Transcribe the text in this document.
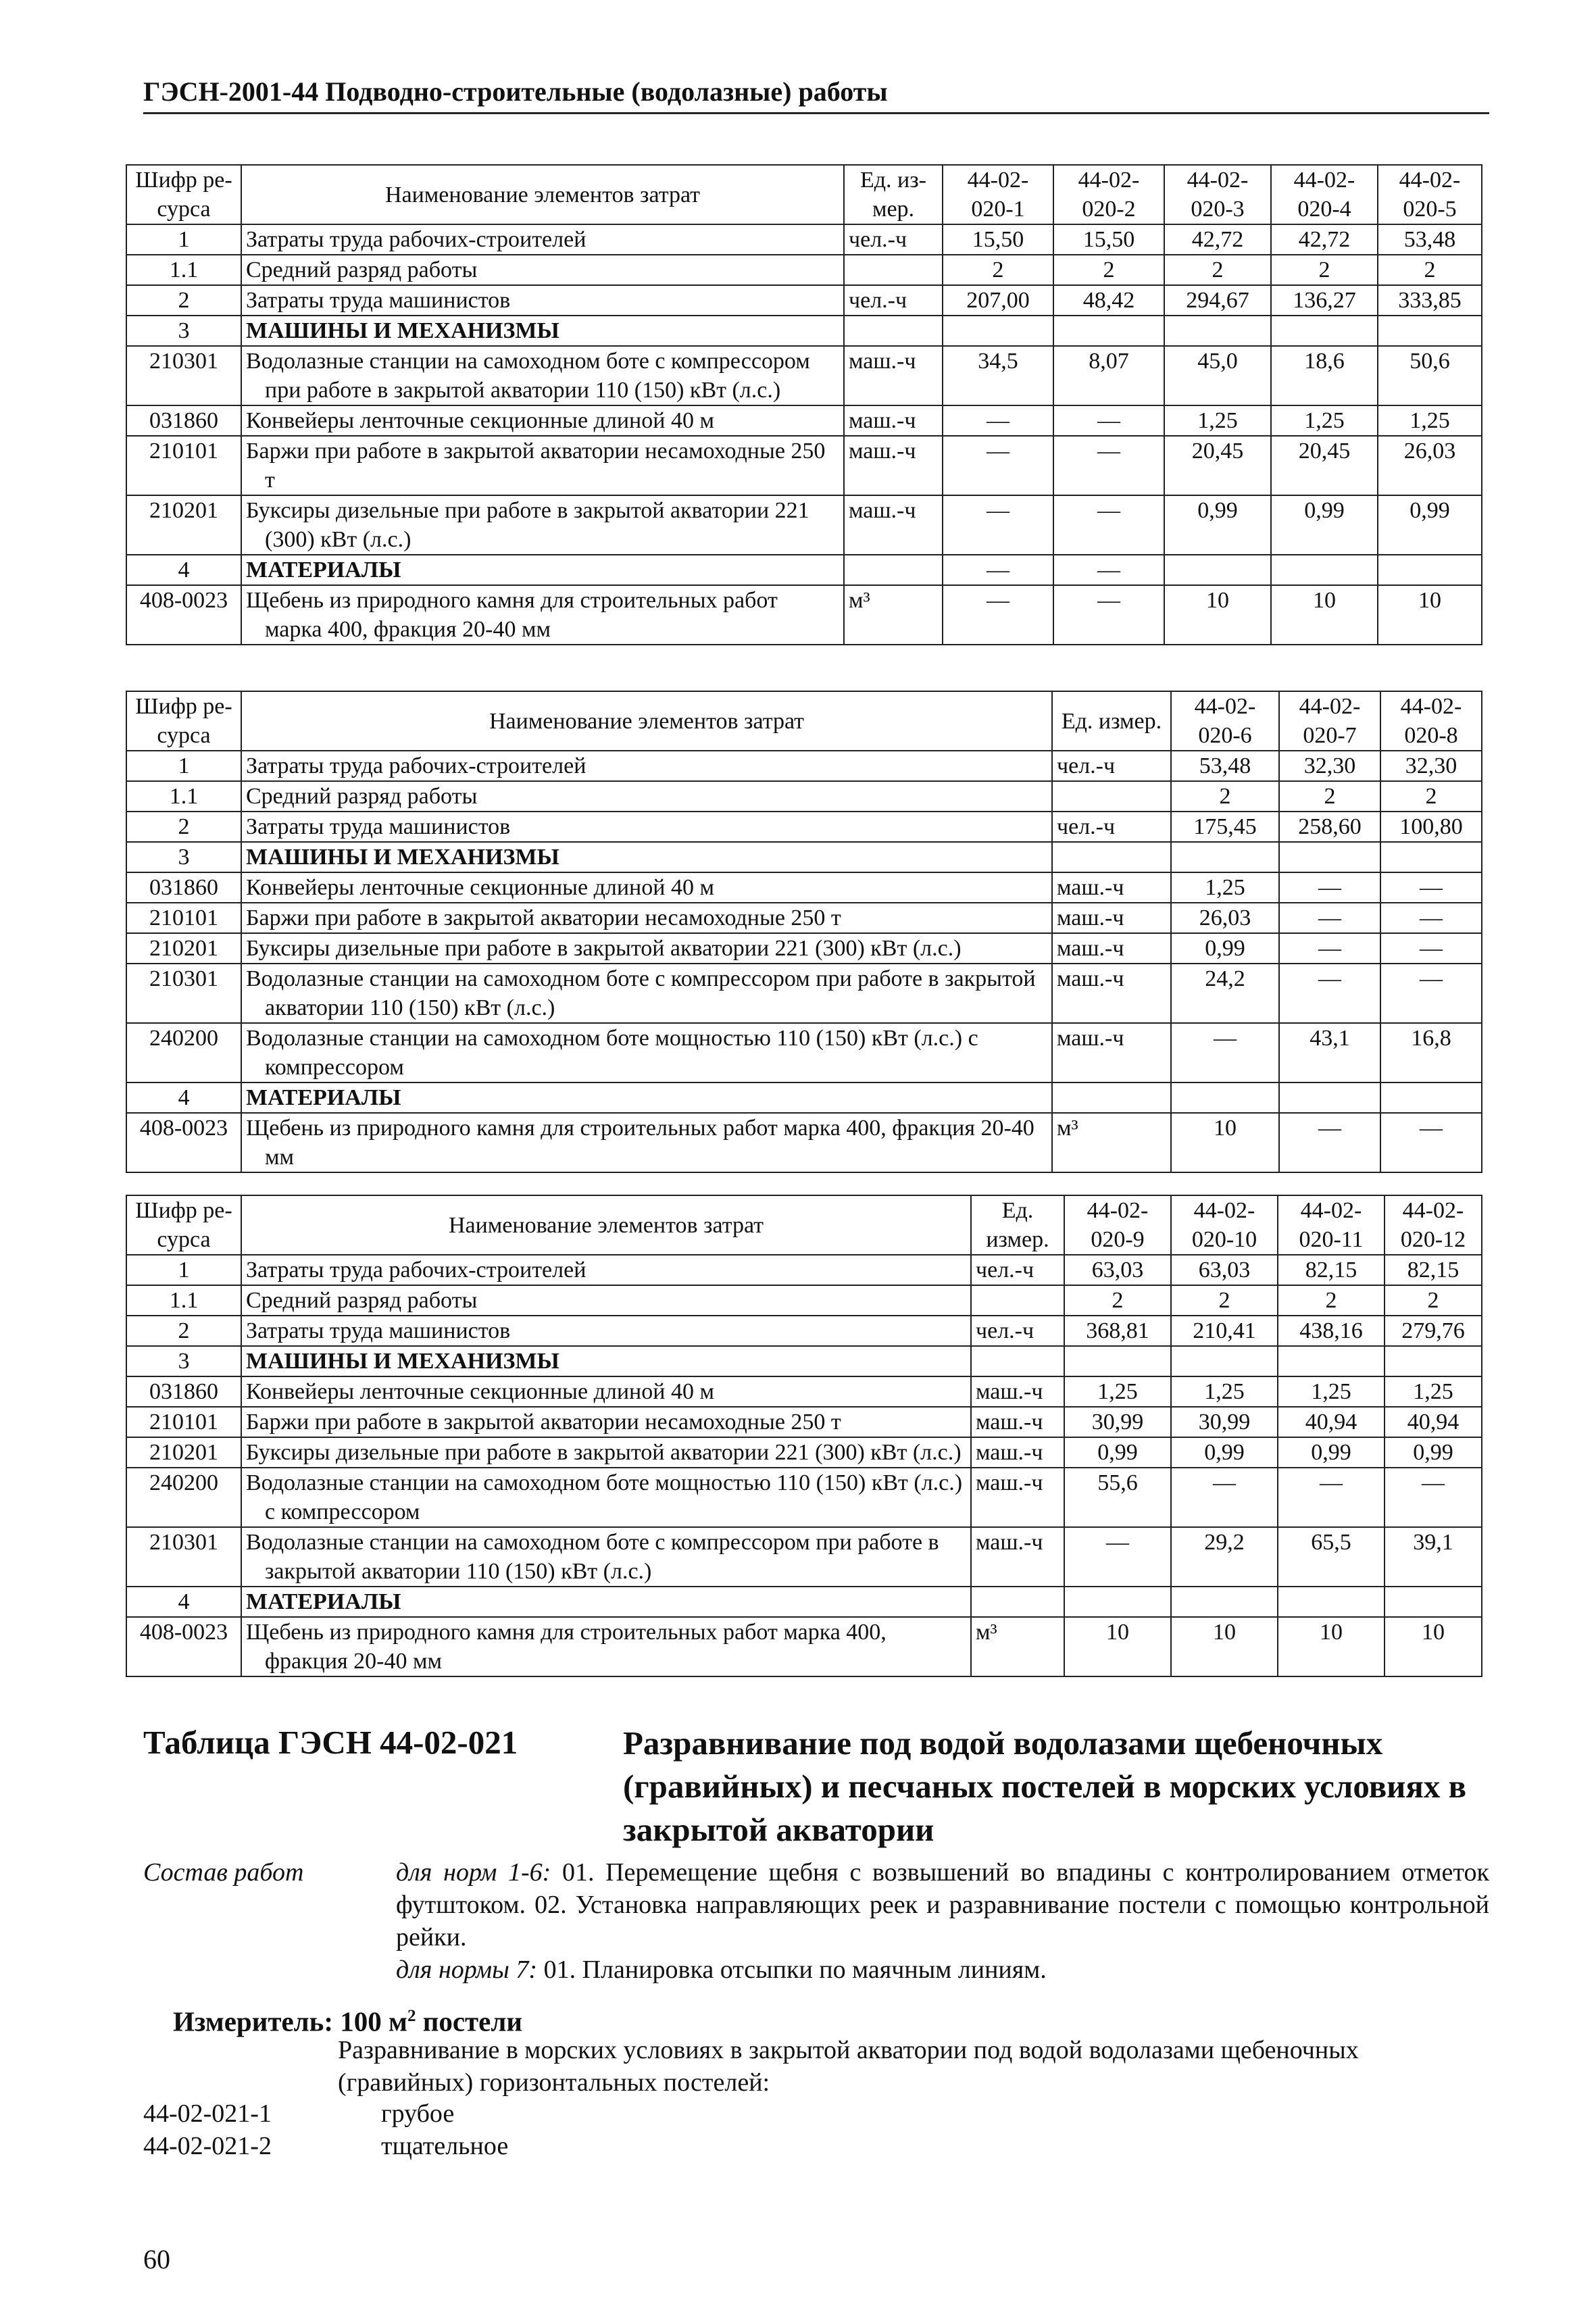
ГЭСН-2001-44 Подводно-строительные (водолазные) работы
Шифр ре-сурса	Наименование элементов затрат	Ед. из-мер.	44-02-020-1	44-02-020-2	44-02-020-3	44-02-020-4	44-02-020-5
1	Затраты труда рабочих-строителей	чел.-ч	15,50	15,50	42,72	42,72	53,48
1.1	Средний разряд работы		2	2	2	2	2
2	Затраты труда машинистов	чел.-ч	207,00	48,42	294,67	136,27	333,85
3	МАШИНЫ И МЕХАНИЗМЫ						

210301	Водолазные станции на самоходном боте с компрессором при работе в закрытой акватории 110 (150) кВт (л.с.)	маш.-ч	34,5	8,07	45,0	18,6	50,6
031860	Конвейеры ленточные секционные длиной 40 м	маш.-ч	—	—	1,25	1,25	1,25
210101	Баржи при работе в закрытой акватории несамоходные 250 т	маш.-ч	—	—	20,45	20,45	26,03
210201	Буксиры дизельные при работе в закрытой акватории 221 (300) кВт (л.с.)	маш.-ч	—	—	0,99	0,99	0,99
4	МАТЕРИАЛЫ		—	—			
408-0023	Щебень из природного камня для строительных работ марка 400, фракция 20-40 мм	м³	—	—	10	10	10
Шифр ре-сурса	Наименование элементов затрат	Ед. измер.	44-02-020-6	44-02-020-7	44-02-020-8
1	Затраты труда рабочих-строителей	чел.-ч	53,48	32,30	32,30
1.1	Средний разряд работы		2	2	2
2	Затраты труда машинистов	чел.-ч	175,45	258,60	100,80
3	МАШИНЫ И МЕХАНИЗМЫ				

031860	Конвейеры ленточные секционные длиной 40 м	маш.-ч	1,25	—	—
210101	Баржи при работе в закрытой акватории несамоходные 250 т	маш.-ч	26,03	—	—
210201	Буксиры дизельные при работе в закрытой акватории 221 (300) кВт (л.с.)	маш.-ч	0,99	—	—
210301	Водолазные станции на самоходном боте с компрессором при работе в закрытой акватории 110 (150) кВт (л.с.)	маш.-ч	24,2	—	—
240200	Водолазные станции на самоходном боте мощностью 110 (150) кВт (л.с.) с компрессором	маш.-ч	—	43,1	16,8
4	МАТЕРИАЛЫ				

408-0023	Щебень из природного камня для строительных работ марка 400, фракция 20-40 мм	м³	10	—	—
Шифр ре-сурса	Наименование элементов затрат	Ед. измер.	44-02-020-9	44-02-020-10	44-02-020-11	44-02-020-12
1	Затраты труда рабочих-строителей	чел.-ч	63,03	63,03	82,15	82,15
1.1	Средний разряд работы		2	2	2	2
2	Затраты труда машинистов	чел.-ч	368,81	210,41	438,16	279,76
3	МАШИНЫ И МЕХАНИЗМЫ					

031860	Конвейеры ленточные секционные длиной 40 м	маш.-ч	1,25	1,25	1,25	1,25
210101	Баржи при работе в закрытой акватории несамоходные 250 т	маш.-ч	30,99	30,99	40,94	40,94
210201	Буксиры дизельные при работе в закрытой акватории 221 (300) кВт (л.с.)	маш.-ч	0,99	0,99	0,99	0,99
240200	Водолазные станции на самоходном боте мощностью 110 (150) кВт (л.с.) с компрессором	маш.-ч	55,6	—	—	—
210301	Водолазные станции на самоходном боте с компрессором при работе в закрытой акватории 110 (150) кВт (л.с.)	маш.-ч	—	29,2	65,5	39,1
4	МАТЕРИАЛЫ					

408-0023	Щебень из природного камня для строительных работ марка 400, фракция 20-40 мм	м³	10	10	10	10
Таблица ГЭСН 44-02-021	Разравнивание под водой водолазами щебеночных (гравийных) и песчаных постелей в морских условиях в закрытой акватории
Состав работ	для норм 1-6: 01. Перемещение щебня с возвышений во впадины с контролированием отметок футштоком. 02. Установка направляющих реек и разравнивание постели с помощью контрольной рейки.

для нормы 7: 01. Планировка отсыпки по маячным линиям.

Измеритель: 100 $м^2$ постели
Разравнивание в морских условиях в закрытой акватории под водой водолазами щебеночных (гравийных) горизонтальных постелей:
44-02-021-1	грубое
44-02-021-2	тщательное
60
